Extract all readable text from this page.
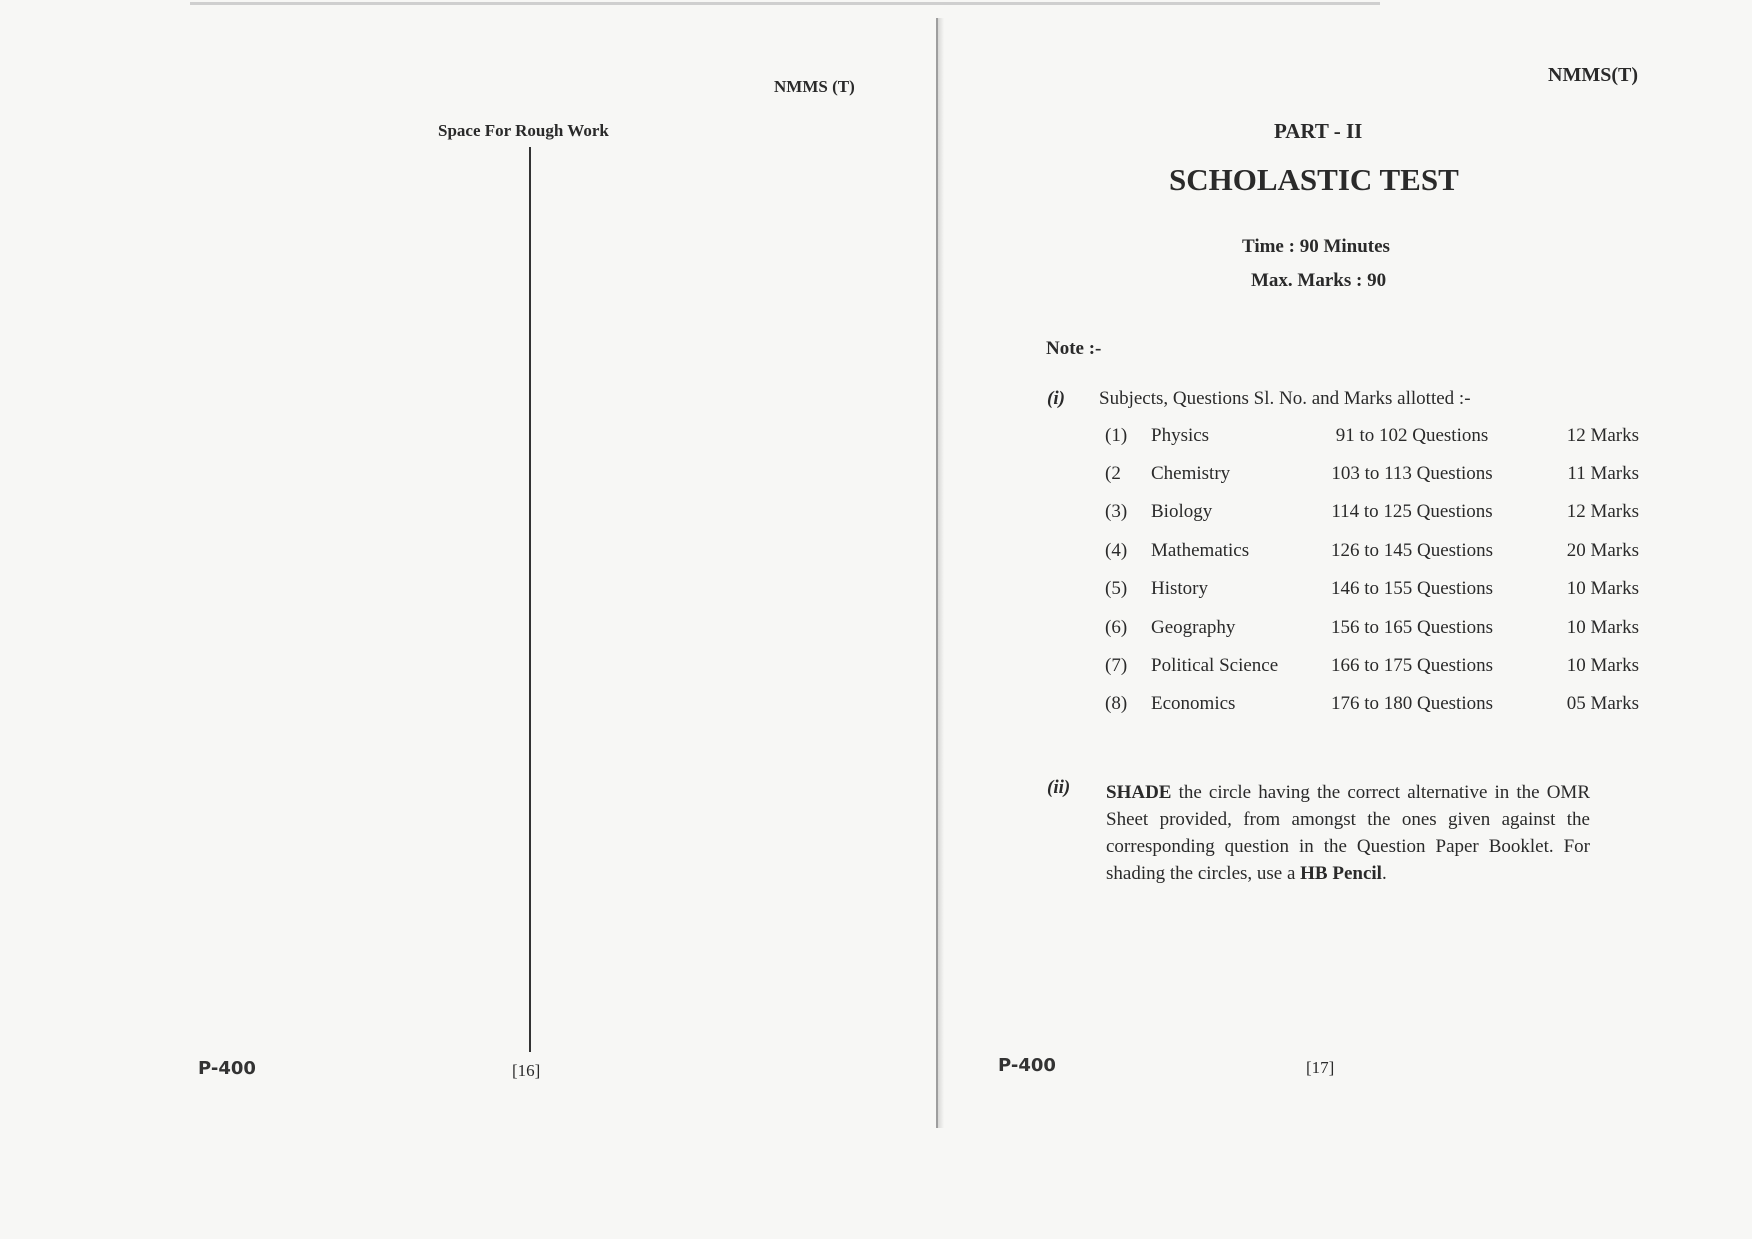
NMMS (T)
Space For Rough Work
P-400	[16]
NMMS(T)
PART - II
SCHOLASTIC TEST
Time : 90 Minutes
Max. Marks : 90
Note :-
(i) Subjects, Questions Sl. No. and Marks allotted :-
(1) Physics	91 to 102 Questions	12 Marks
(2 Chemistry	103 to 113 Questions	11 Marks
(3) Biology	114 to 125 Questions	12 Marks
(4) Mathematics	126 to 145 Questions	20 Marks
(5) History	146 to 155 Questions	10 Marks
(6) Geography	156 to 165 Questions	10 Marks
(7) Political Science	166 to 175 Questions	10 Marks
(8) Economics	176 to 180 Questions	05 Marks
(ii) SHADE the circle having the correct alternative in the OMR Sheet provided, from amongst the ones given against the corresponding question in the Question Paper Booklet. For shading the circles, use a HB Pencil.
P-400	[17]
